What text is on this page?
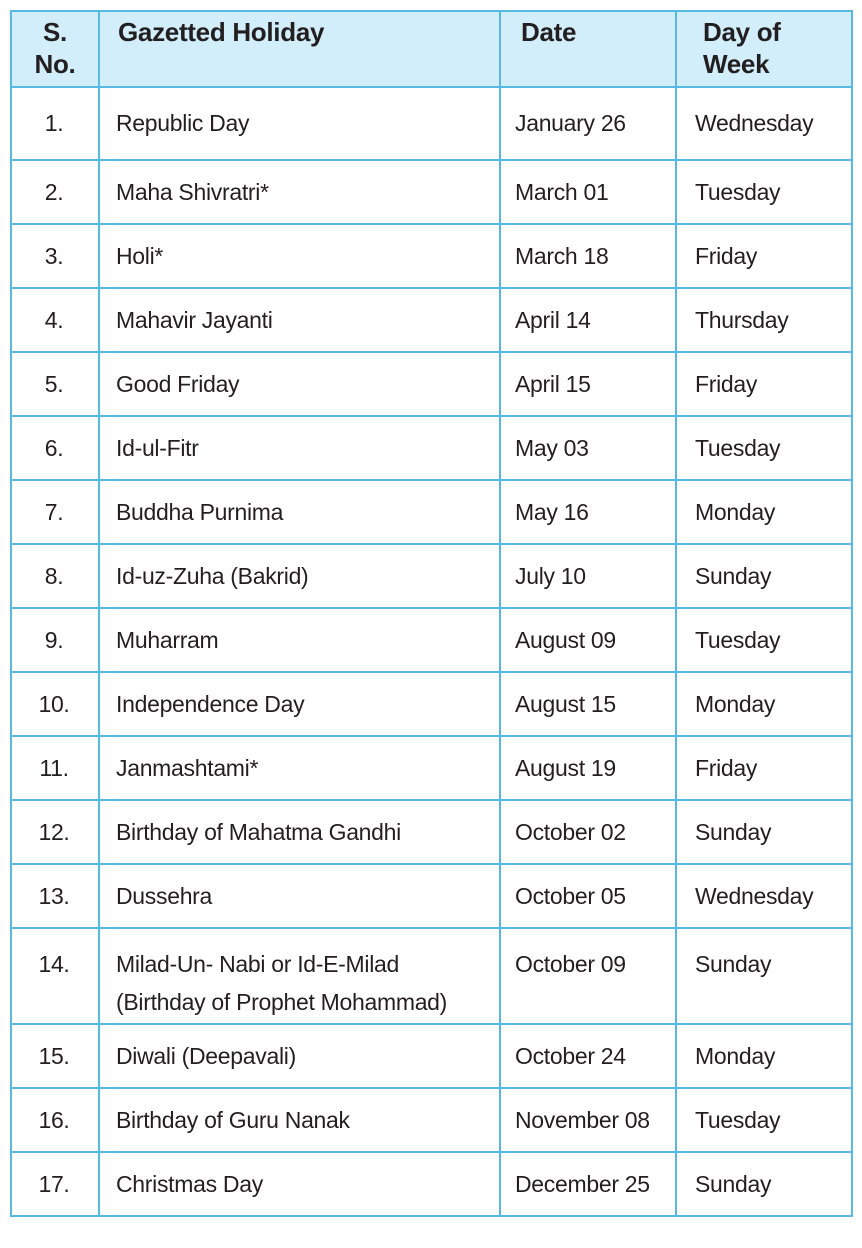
S.
No.	Gazetted Holiday	Date	Day of
Week

1.	Republic Day	January 26	Wednesday
2.	Maha Shivratri*	March 01	Tuesday
3.	Holi*	March 18	Friday
4.	Mahavir Jayanti	April 14	Thursday
5.	Good Friday	April 15	Friday
6.	Id-ul-Fitr	May 03	Tuesday
7.	Buddha Purnima	May 16	Monday
8.	Id-uz-Zuha (Bakrid)	July 10	Sunday
9.	Muharram	August 09	Tuesday
10.	Independence Day	August 15	Monday
11.	Janmashtami*	August 19	Friday
12.	Birthday of Mahatma Gandhi	October 02	Sunday
13.	Dussehra	October 05	Wednesday
14.	Milad-Un- Nabi or Id-E-Milad
(Birthday of Prophet Mohammad)	October 09	Sunday
15.	Diwali (Deepavali)	October 24	Monday
16.	Birthday of Guru Nanak	November 08	Tuesday
17.	Christmas Day	December 25	Sunday
